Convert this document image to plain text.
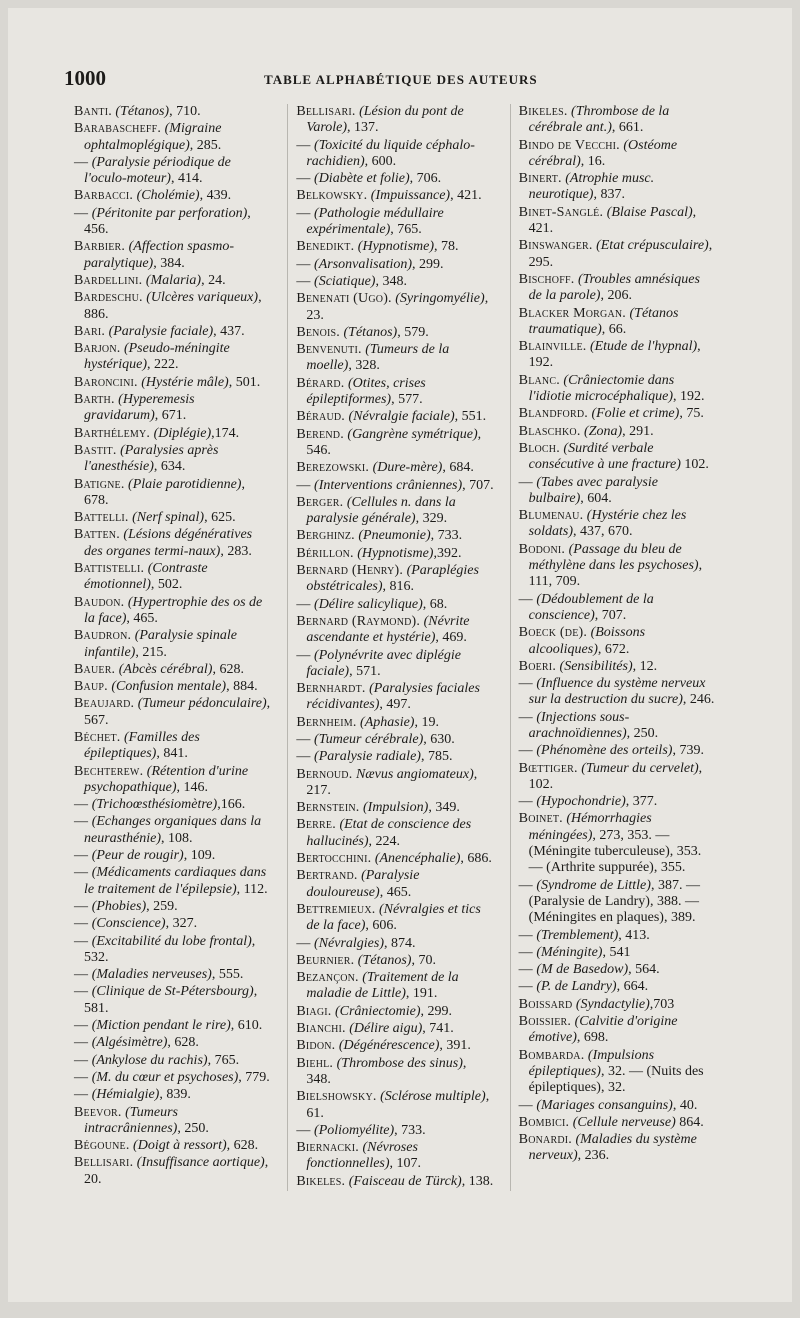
1000	TABLE ALPHABÉTIQUE DES AUTEURS
Banti. (Tétanos), 710.
Barabascheff. (Migraine ophtalmoplégique), 285.
— (Paralysie périodique de l'oculo-moteur), 414.
Barbacci. (Cholémie), 439.
— (Péritonite par perforation), 456.
Barbier. (Affection spasmo-paralytique), 384.
Bardellini. (Malaria), 24.
Bardeschu. (Ulcères variqueux), 886.
Bari. (Paralysie faciale), 437.
Barjon. (Pseudo-méningite hystérique), 222.
Baroncini. (Hystérie mâle), 501.
Barth. (Hyperemesis gravidarum), 671.
Barthélemy. (Diplégie),174.
Bastit. (Paralysies après l'anesthésie), 634.
Batigne. (Plaie parotidienne), 678.
Battelli. (Nerf spinal), 625.
Batten. (Lésions dégénératives des organes termi-naux), 283.
Battistelli. (Contraste émotionnel), 502.
Baudon. (Hypertrophie des os de la face), 465.
Baudron. (Paralysie spinale infantile), 215.
Bauer. (Abcès cérébral), 628.
Baup. (Confusion mentale), 884.
Beaujard. (Tumeur pédonculaire), 567.
Béchet. (Familles des épileptiques), 841.
Bechterew. (Rétention d'urine psychopathique), 146.
— (Trichoœsthésiomètre),166.
— (Echanges organiques dans la neurasthénie), 108.
— (Peur de rougir), 109.
— (Médicaments cardiaques dans le traitement de l'épilepsie), 112.
— (Phobies), 259.
— (Conscience), 327.
— (Excitabilité du lobe frontal), 532.
— (Maladies nerveuses), 555.
— (Clinique de St-Pétersbourg), 581.
— (Miction pendant le rire), 610.
— (Algésimètre), 628.
— (Ankylose du rachis), 765.
— (M. du cœur et psychoses), 779.
— (Hémialgie), 839.
Beevor. (Tumeurs intracrâniennes), 250.
Bégoune. (Doigt à ressort), 628.
Bellisari. (Insuffisance aortique), 20.
Bellisari. (Lésion du pont de Varole), 137.
— (Toxicité du liquide céphalo-rachidien), 600.
— (Diabète et folie), 706.
Belkowsky. (Impuissance), 421.
— (Pathologie médullaire expérimentale), 765.
Benedikt. (Hypnotisme), 78.
— (Arsonvalisation), 299.
— (Sciatique), 348.
Benenati (Ugo). (Syringomyélie), 23.
Benois. (Tétanos), 579.
Benvenuti. (Tumeurs de la moelle), 328.
Bérard. (Otites, crises épileptiformes), 577.
Béraud. (Névralgie faciale), 551.
Berend. (Gangrène symétrique), 546.
Berezowski. (Dure-mère), 684.
— (Interventions crâniennes), 707.
Berger. (Cellules n. dans la paralysie générale), 329.
Berghinz. (Pneumonie), 733.
Bérillon. (Hypnotisme),392.
Bernard (Henry). (Paraplégies obstétricales), 816.
— (Délire salicylique), 68.
Bernard (Raymond). (Névrite ascendante et hystérie), 469.
— (Polynévrite avec diplégie faciale), 571.
Bernhardt. (Paralysies faciales récidivantes), 497.
Bernheim. (Aphasie), 19.
— (Tumeur cérébrale), 630.
— (Paralysie radiale), 785.
Bernoud. Nævus angiomateux), 217.
Bernstein. (Impulsion), 349.
Berre. (Etat de conscience des hallucinés), 224.
Bertocchini. (Anencéphalie), 686.
Bertrand. (Paralysie douloureuse), 465.
Bettremieux. (Névralgies et tics de la face), 606.
— (Névralgies), 874.
Beurnier. (Tétanos), 70.
Bezançon. (Traitement de la maladie de Little), 191.
Biagi. (Crâniectomie), 299.
Bianchi. (Délire aigu), 741.
Bidon. (Dégénérescence), 391.
Biehl. (Thrombose des sinus), 348.
Bielshowsky. (Sclérose multiple), 61.
— (Poliomyélite), 733.
Biernacki. (Névroses fonctionnelles), 107.
Bikeles. (Faisceau de Türck), 138.
Bikeles. (Thrombose de la cérébrale ant.), 661.
Bindo de Vecchi. (Ostéome cérébral), 16.
Binert. (Atrophie musc. neurotique), 837.
Binet-Sanglé. (Blaise Pascal), 421.
Binswanger. (Etat crépusculaire), 295.
Bischoff. (Troubles amnésiques de la parole), 206.
Blacker Morgan. (Tétanos traumatique), 66.
Blainville. (Etude de l'hypnal), 192.
Blanc. (Crâniectomie dans l'idiotie microcéphalique), 192.
Blandford. (Folie et crime), 75.
Blaschko. (Zona), 291.
Bloch. (Surdité verbale consécutive à une fracture) 102.
— (Tabes avec paralysie bulbaire), 604.
Blumenau. (Hystérie chez les soldats), 437, 670.
Bodoni. (Passage du bleu de méthylène dans les psychoses), 111, 709.
— (Dédoublement de la conscience), 707.
Boeck (de). (Boissons alcooliques), 672.
Boeri. (Sensibilités), 12.
— (Influence du système nerveux sur la destruction du sucre), 246.
— (Injections sous-arachnoïdiennes), 250.
— (Phénomène des orteils), 739.
Bœttiger. (Tumeur du cervelet), 102.
— (Hypochondrie), 377.
Boinet. (Hémorrhagies méningées), 273, 353. — (Méningite tuberculeuse), 353. — (Arthrite suppurée), 355.
— (Syndrome de Little), 387. — (Paralysie de Landry), 388. — (Méningites en plaques), 389.
— (Tremblement), 413.
— (Méningite), 541
— (M de Basedow), 564.
— (P. de Landry), 664.
Boissard (Syndactylie),703
Boissier. (Calvitie d'origine émotive), 698.
Bombarda. (Impulsions épileptiques), 32. — (Nuits des épileptiques), 32.
— (Mariages consanguins), 40.
Bombici. (Cellule nerveuse) 864.
Bonardi. (Maladies du système nerveux), 236.
